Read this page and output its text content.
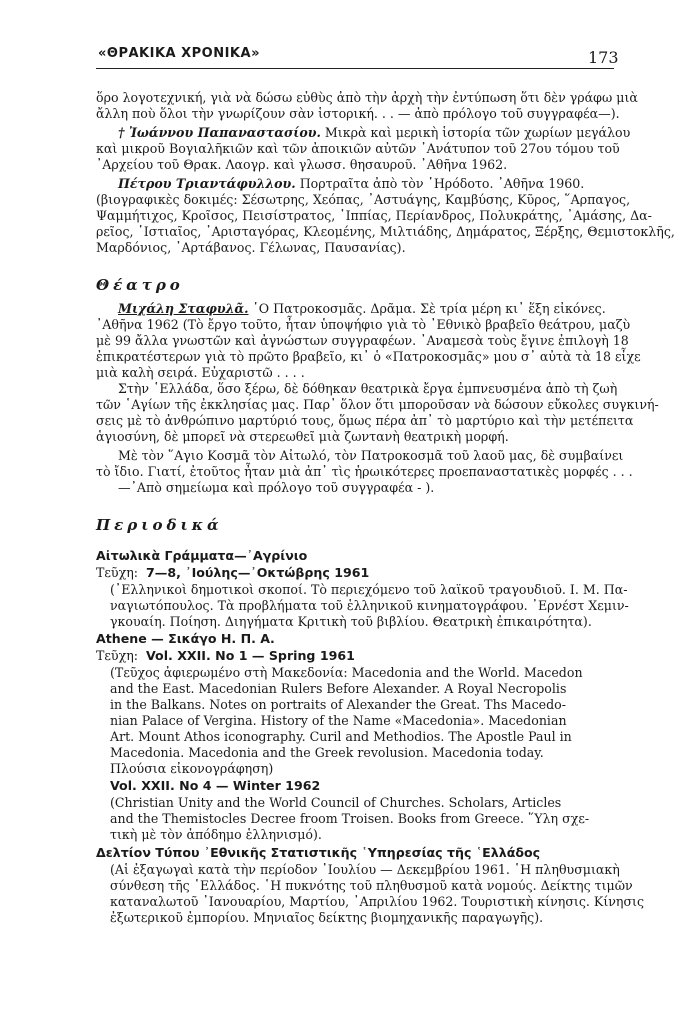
«ΘΡΑΚΙΚΑ ΧΡΟΝΙΚΑ»	173
ὅρο λογοτεχνική, γιὰ νὰ δώσω εὐθὺς ἀπὸ τὴν ἀρχὴ τὴν ἐντύπωση ὅτι δὲν γράφω μιὰ
ἄλλη ποὺ ὅλοι τὴν γνωρίζουν σὰν ἱστορική. . . — ἀπὸ πρόλογο τοῦ συγγραφέα—).
† Ἰωάννου Παπαναστασίου. Μικρὰ καὶ μερικὴ ἱστορία τῶν χωρίων μεγάλου
καὶ μικροῦ Βογιαλῆκιῶν καὶ τῶν ἀποικιῶν αὐτῶν ᾽Ανάτυπον τοῦ 27ου τόμου τοῦ
᾽Αρχείου τοῦ Θρακ. Λαογρ. καὶ γλωσσ. θησαυροῦ. ᾽Αθῆνα 1962.
Πέτρου Τριαντάφυλλου. Πορτραῖτα ἀπὸ τὸν ῾Ηρόδοτο. ᾽Αθῆνα 1960.
(βιογραφικὲς δοκιμές: Σέσωτρης, Χεόπας, ᾽Αστυάγης, Καμβύσης, Κῦρος, ῞Αρπαγος,
Ψαμμήτιχος, Κροῖσος, Πεισίστρατος, ῾Ιππίας, Περίανδρος, Πολυκράτης, ᾽Αμάσης, Δα-
ρεῖος, ῾Ιστιαῖος, ᾽Αρισταγόρας, Κλεομένης, Μιλτιάδης, Δημάρατος, Ξέρξης, Θεμιστοκλῆς,
Μαρδόνιος, ᾽Αρτάβανος. Γέλωνας, Παυσανίας).
Θέατρο
Μιχάλη Σταφυλᾶ. ῾Ο Πατροκοσμᾶς. Δρᾶμα. Σὲ τρία μέρη κι᾽ ἕξη εἰκόνες.
᾽Αθῆνα 1962 (Τὸ ἔργο τοῦτο, ἦταν ὑποψήφιο γιὰ τὸ ᾽Εθνικὸ βραβεῖο θεάτρου, μαζὺ
μὲ 99 ἄλλα γνωστῶν καὶ ἀγνώστων συγγραφέων. ᾽Αναμεσὰ τοὺς ἔγινε ἐπιλογὴ 18
ἐπικρατέστερων γιὰ τὸ πρῶτο βραβεῖο, κι᾽ ὁ «Πατροκοσμᾶς» μου σ᾽ αὐτὰ τὰ 18 εἶχε
μιὰ καλὴ σειρά. Εὐχαριστῶ . . . .
Στὴν ῾Ελλάδα, ὅσο ξέρω, δὲ δόθηκαν θεατρικὰ ἔργα ἐμπνευσμένα ἀπὸ τὴ ζωὴ
τῶν ῾Αγίων τῆς ἐκκλησίας μας. Παρ᾽ ὅλον ὅτι μποροῦσαν νὰ δώσουν εὔκολες συγκινή-
σεις μὲ τὸ ἀνθρώπινο μαρτύριό τους, ὅμως πέρα ἀπ᾽ τὸ μαρτύριο καὶ τὴν μετέπειτα
ἁγιοσύνη, δὲ μπορεῖ νὰ στερεωθεῖ μιὰ ζωντανὴ θεατρικὴ μορφή.
Μὲ τὸν ῞Αγιο Κοσμᾶ τὸν Αἰτωλό, τὸν Πατροκοσμᾶ τοῦ λαοῦ μας, δὲ συμβαίνει
τὸ ἴδιο. Γιατί, ἐτοῦτος ἦταν μιὰ ἀπ᾽ τὶς ἡρωικότερες προεπαναστατικὲς μορφές . . .
—᾽Απὸ σημείωμα καὶ πρόλογο τοῦ συγγραφέα - ).
Περιοδικά
Αἰτωλικὰ Γράμματα—᾽Αγρίνιο
Τεῦχη: 7—8, ᾽Ιούλης—᾽Οκτώβρης 1961
(᾽Ελληνικοὶ δημοτικοὶ σκοποί. Τὸ περιεχόμενο τοῦ λαϊκοῦ τραγουδιοῦ. Ι. Μ. Πα-
ναγιωτόπουλος. Τὰ προβλήματα τοῦ ἑλληνικοῦ κινηματογράφου. ᾽Ερνέστ Χεμιν-
γκουαίη. Ποίηση. Διηγήματα Κριτικὴ τοῦ βιβλίου. Θεατρικὴ ἐπικαιρότητα).
Athene — Σικάγο Η. Π. Α.
Τεῦχη: Vol. XXII. No 1 — Spring 1961
(Τεῦχος ἀφιερωμένο στὴ Μακεδονία: Macedonia and the World. Macedon
and the East. Macedonian Rulers Before Alexander. A Royal Necropolis
in the Balkans. Notes on portraits of Alexander the Great. Ths Macedo-
nian Palace of Vergina. History of the Name «Macedonia». Macedonian
Art. Mount Athos iconography. Curil and Methodios. The Apostle Paul in
Macedonia. Macedonia and the Greek revolusion. Macedonia today.
Πλούσια εἰκονογράφηση)
Vol. XXII. No 4 — Winter 1962
(Christian Unity and the World Council of Churches. Scholars, Articles
and the Themistocles Decree froom Troisen. Books from Greece. ῞Υλη σχε-
τικὴ μὲ τὸν ἀπόδημο ἑλληνισμό).
Δελτίον Τύπου ᾽Εθνικῆς Στατιστικῆς ῾Υπηρεσίας τῆς ῾Ελλάδος
(Αἱ ἐξαγωγαὶ κατὰ τὴν περίοδον ᾽Ιουλίου — Δεκεμβρίου 1961. ῾Η πληθυσμιακὴ
σύνθεση τῆς ῾Ελλάδος. ῾Η πυκνότης τοῦ πληθυσμοῦ κατὰ νομούς. Δείκτης τιμῶν
καταναλωτοῦ ᾽Ιανουαρίου, Μαρτίου, ᾽Απριλίου 1962. Τουριστικὴ κίνησις. Κίνησις
ἐξωτερικοῦ ἐμπορίου. Μηνιαῖος δείκτης βιομηχανικῆς παραγωγῆς).
